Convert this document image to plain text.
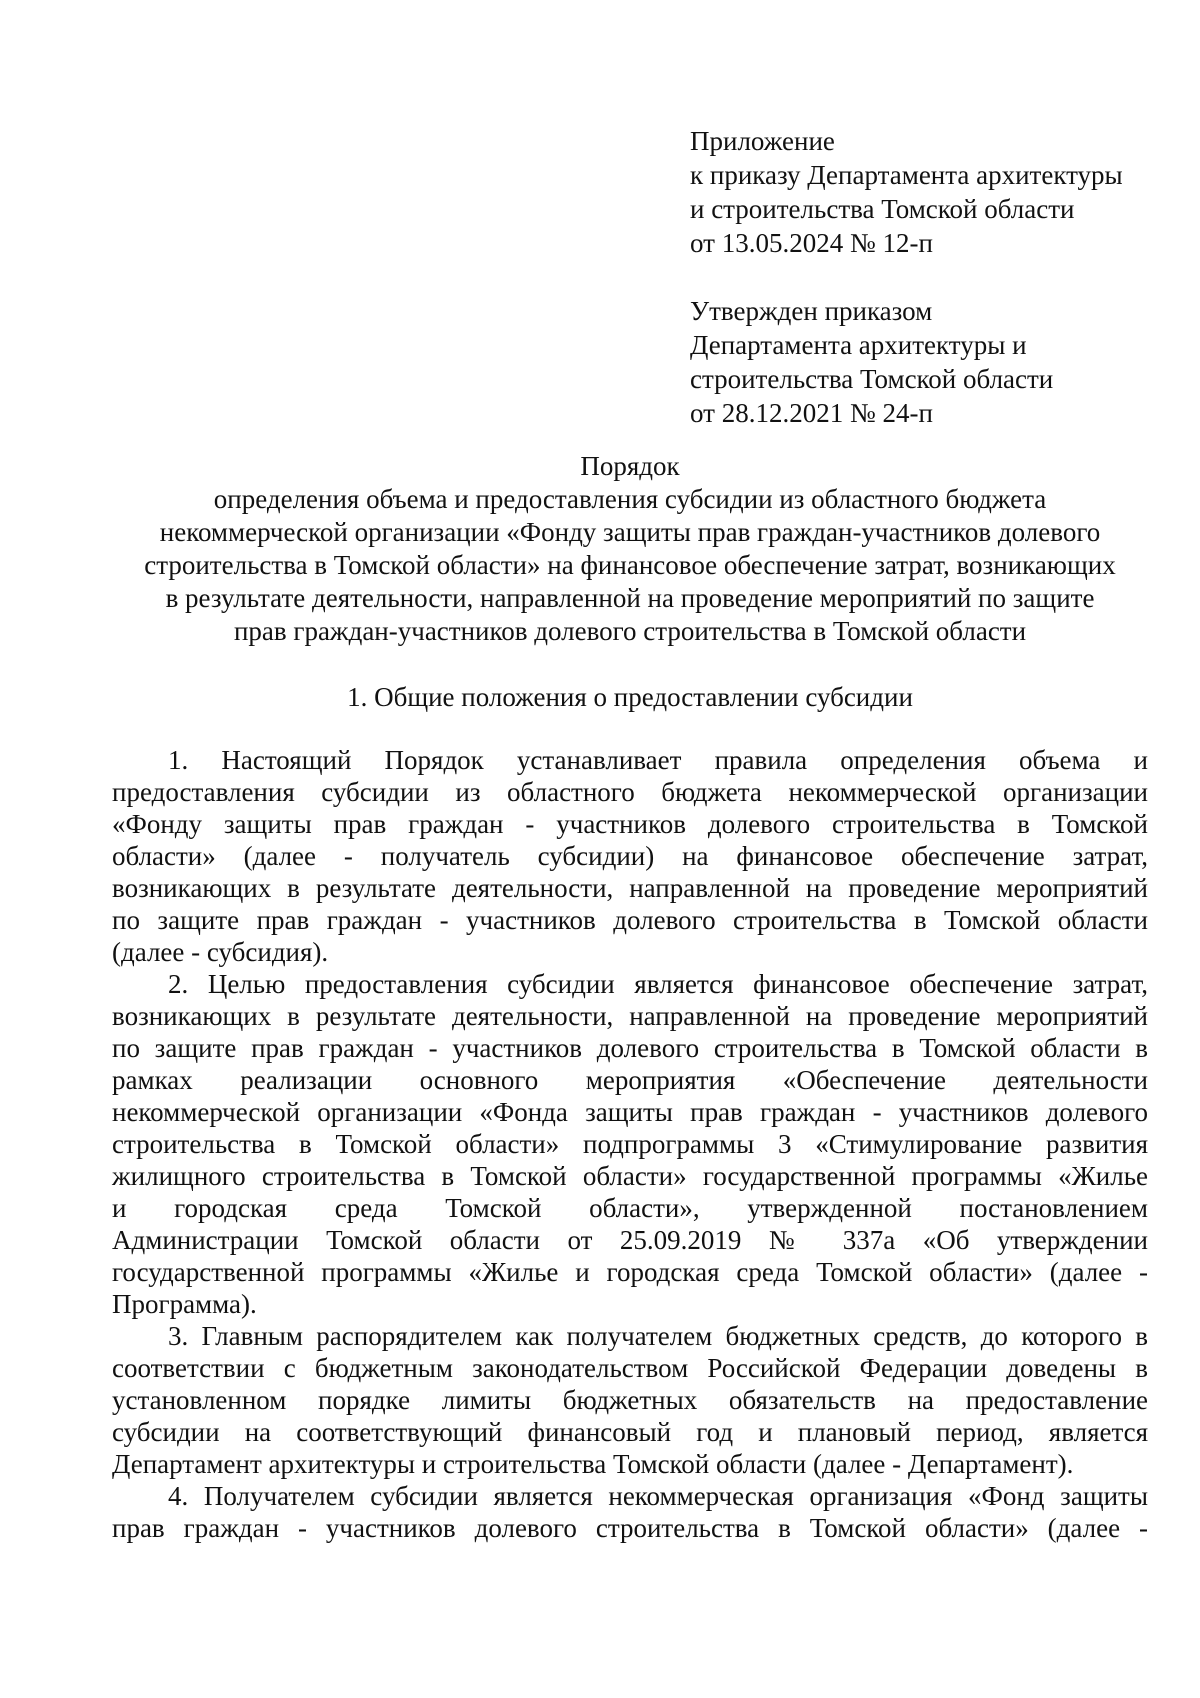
Приложение
к приказу Департамента архитектуры
и строительства Томской области
от 13.05.2024 № 12-п
Утвержден приказом
Департамента архитектуры и
строительства Томской области
от 28.12.2021 № 24-п
Порядок
определения объема и предоставления субсидии из областного бюджета
некоммерческой организации «Фонду защиты прав граждан-участников долевого
строительства в Томской области» на финансовое обеспечение затрат, возникающих
в результате деятельности, направленной на проведение мероприятий по защите
прав граждан-участников долевого строительства в Томской области
1. Общие положения о предоставлении субсидии
1. Настоящий Порядок устанавливает правила определения объема и
предоставления субсидии из областного бюджета некоммерческой организации
«Фонду защиты прав граждан - участников долевого строительства в Томской
области» (далее - получатель субсидии) на финансовое обеспечение затрат,
возникающих в результате деятельности, направленной на проведение мероприятий
по защите прав граждан - участников долевого строительства в Томской области
(далее - субсидия).
2. Целью предоставления субсидии является финансовое обеспечение затрат,
возникающих в результате деятельности, направленной на проведение мероприятий
по защите прав граждан - участников долевого строительства в Томской области в
рамках реализации основного мероприятия «Обеспечение деятельности
некоммерческой организации «Фонда защиты прав граждан - участников долевого
строительства в Томской области» подпрограммы 3 «Стимулирование развития
жилищного строительства в Томской области» государственной программы «Жилье
и городская среда Томской области», утвержденной постановлением
Администрации Томской области от 25.09.2019 № 337а «Об утверждении
государственной программы «Жилье и городская среда Томской области» (далее -
Программа).
3. Главным распорядителем как получателем бюджетных средств, до которого в
соответствии с бюджетным законодательством Российской Федерации доведены в
установленном порядке лимиты бюджетных обязательств на предоставление
субсидии на соответствующий финансовый год и плановый период, является
Департамент архитектуры и строительства Томской области (далее - Департамент).
4. Получателем субсидии является некоммерческая организация «Фонд защиты
прав граждан - участников долевого строительства в Томской области» (далее -
